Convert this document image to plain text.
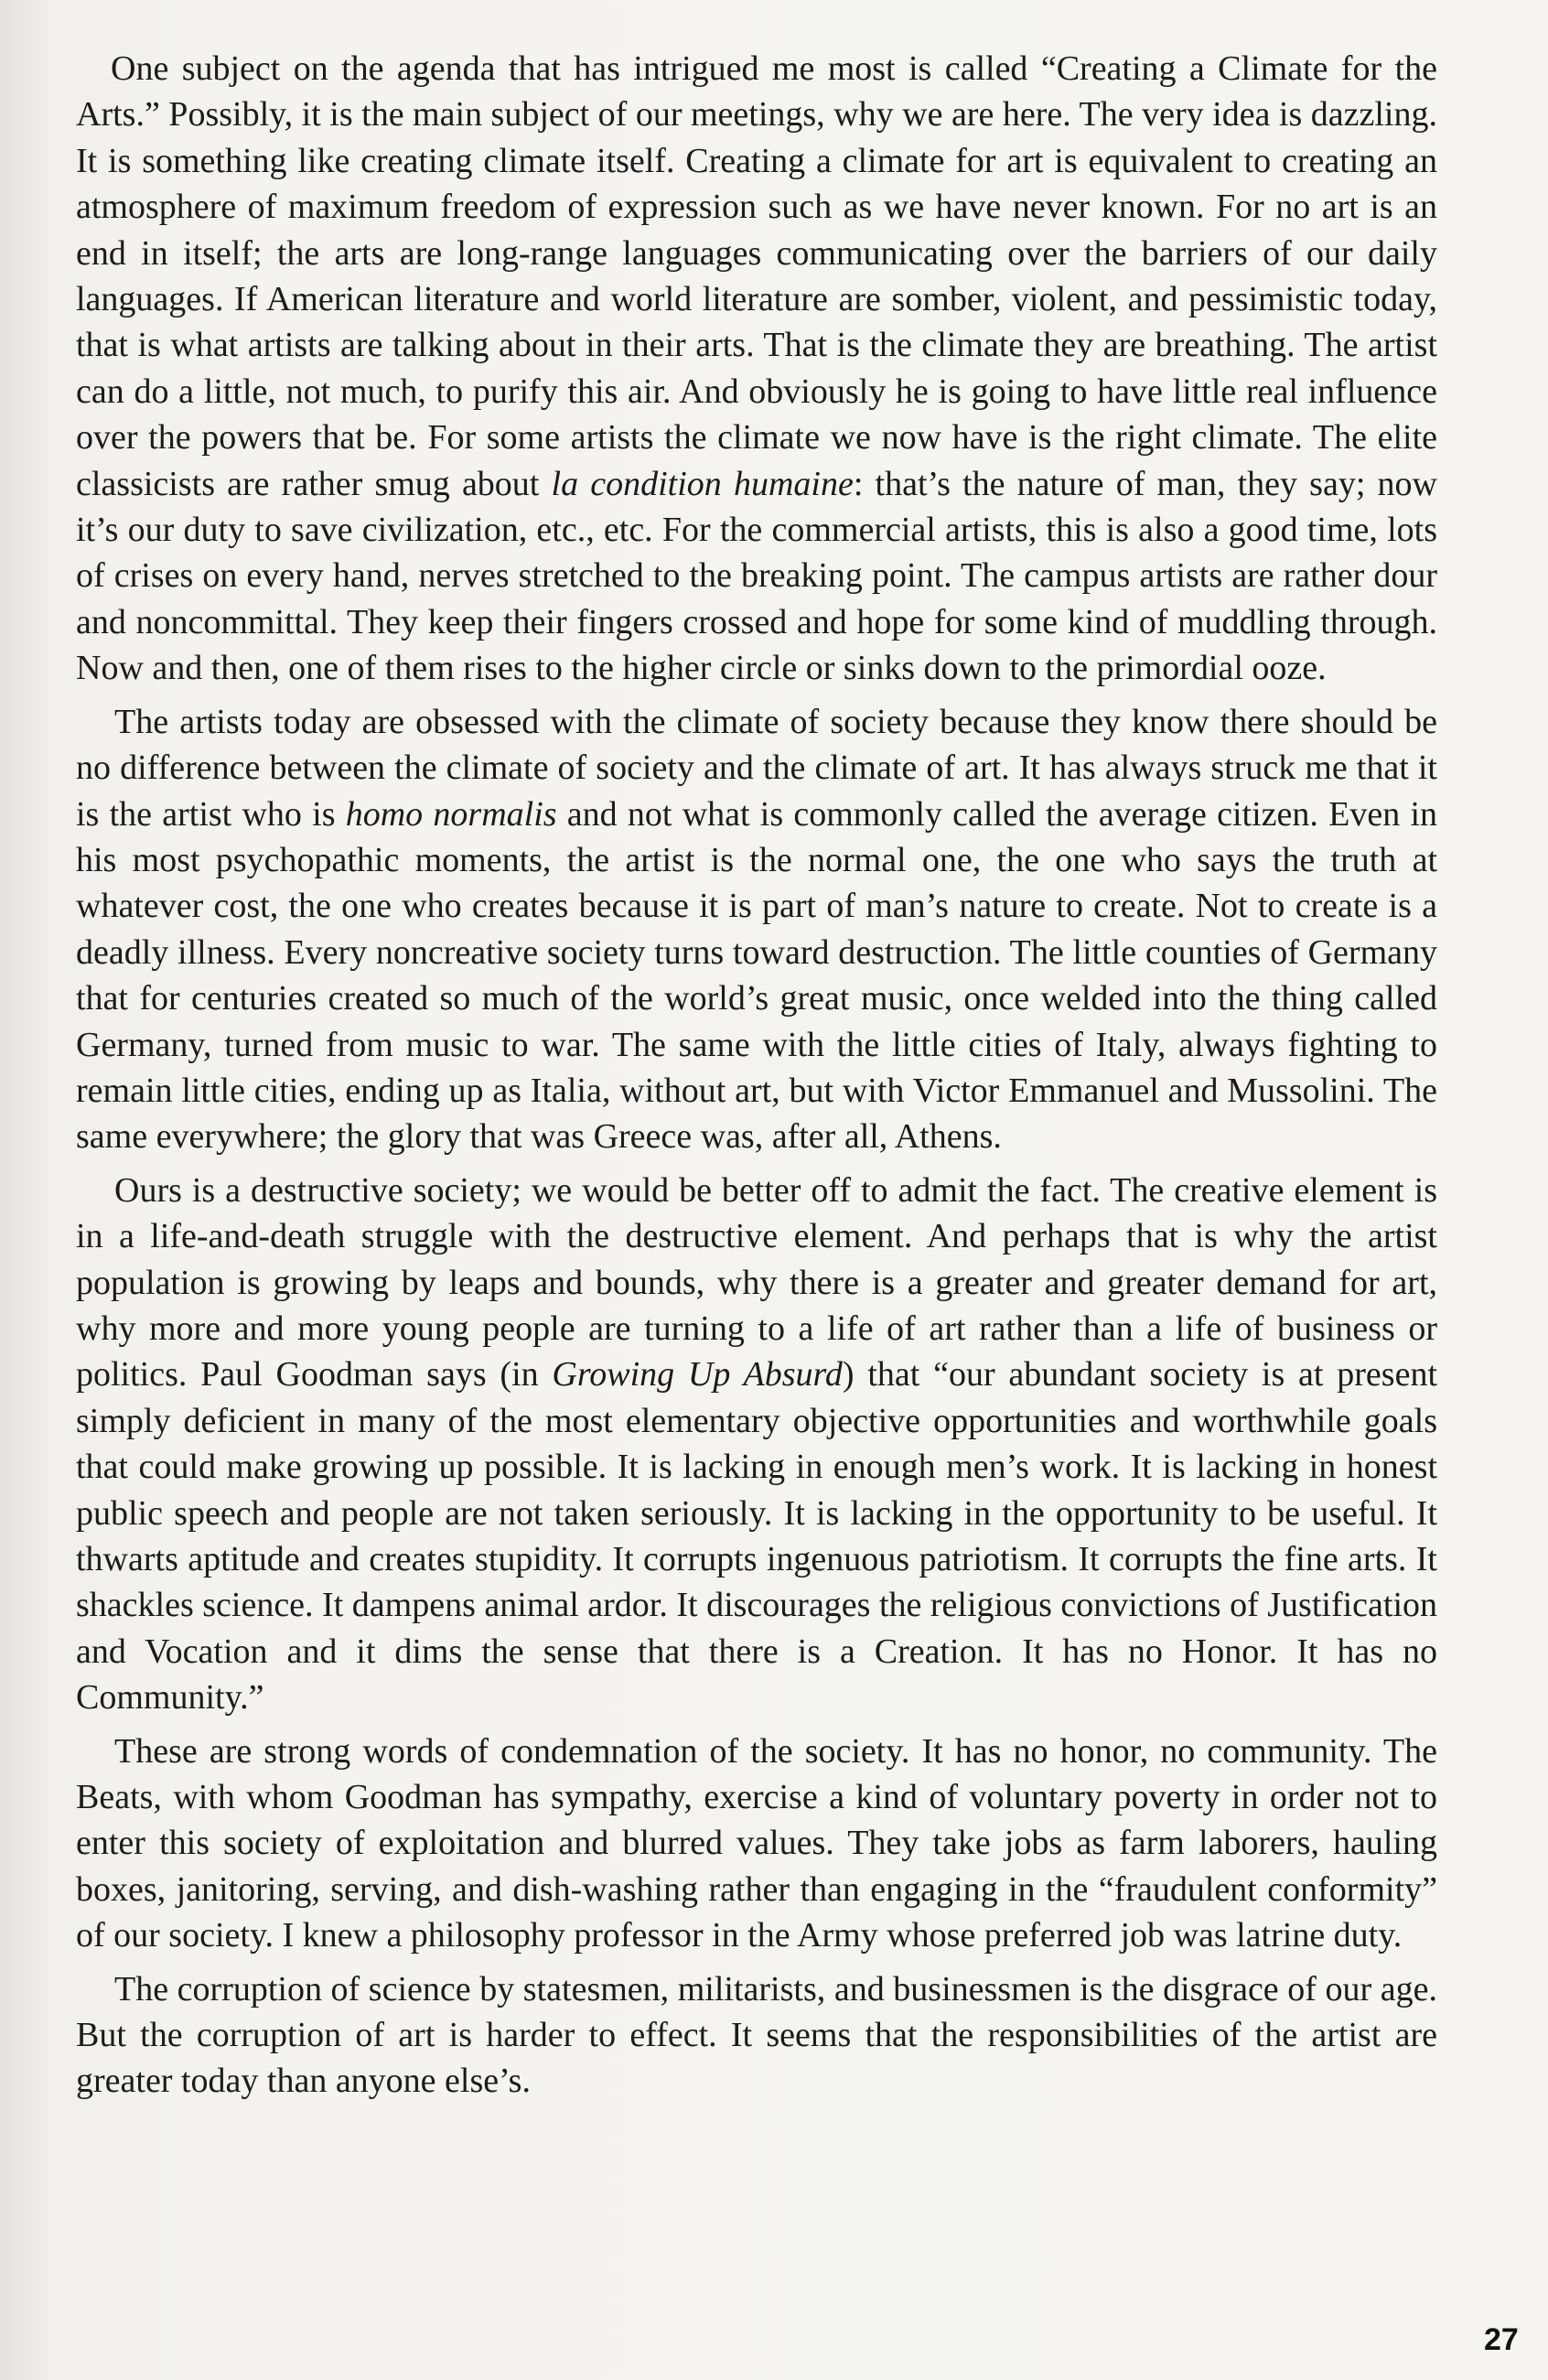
One subject on the agenda that has intrigued me most is called “Creating a Climate for the Arts.” Possibly, it is the main subject of our meetings, why we are here. The very idea is dazzling. It is something like creating climate itself. Creating a climate for art is equivalent to creating an atmosphere of maximum freedom of expression such as we have never known. For no art is an end in itself; the arts are long-range languages communicating over the barriers of our daily languages. If American literature and world literature are somber, violent, and pessimistic today, that is what artists are talking about in their arts. That is the climate they are breathing. The artist can do a little, not much, to purify this air. And obviously he is going to have little real influence over the powers that be. For some artists the climate we now have is the right climate. The elite classicists are rather smug about la condition humaine: that’s the nature of man, they say; now it’s our duty to save civilization, etc., etc. For the commercial artists, this is also a good time, lots of crises on every hand, nerves stretched to the breaking point. The campus artists are rather dour and noncommittal. They keep their fingers crossed and hope for some kind of muddling through. Now and then, one of them rises to the higher circle or sinks down to the primordial ooze.

The artists today are obsessed with the climate of society because they know there should be no difference between the climate of society and the climate of art. It has always struck me that it is the artist who is homo normalis and not what is commonly called the average citizen. Even in his most psychopathic moments, the artist is the normal one, the one who says the truth at whatever cost, the one who creates because it is part of man’s nature to create. Not to create is a deadly illness. Every noncreative society turns toward destruction. The little counties of Germany that for centuries created so much of the world’s great music, once welded into the thing called Germany, turned from music to war. The same with the little cities of Italy, always fighting to remain little cities, ending up as Italia, without art, but with Victor Emmanuel and Mussolini. The same everywhere; the glory that was Greece was, after all, Athens.

Ours is a destructive society; we would be better off to admit the fact. The creative element is in a life-and-death struggle with the destructive element. And perhaps that is why the artist population is growing by leaps and bounds, why there is a greater and greater demand for art, why more and more young people are turning to a life of art rather than a life of business or politics. Paul Goodman says (in Growing Up Absurd) that “our abundant society is at present simply deficient in many of the most elementary objective opportunities and worthwhile goals that could make growing up possible. It is lacking in enough men’s work. It is lacking in honest public speech and people are not taken seriously. It is lacking in the opportunity to be useful. It thwarts aptitude and creates stupidity. It corrupts ingenuous patriotism. It corrupts the fine arts. It shackles science. It dampens animal ardor. It discourages the religious convictions of Justification and Vocation and it dims the sense that there is a Creation. It has no Honor. It has no Community.”

These are strong words of condemnation of the society. It has no honor, no community. The Beats, with whom Goodman has sympathy, exercise a kind of voluntary poverty in order not to enter this society of exploitation and blurred values. They take jobs as farm laborers, hauling boxes, janitoring, serving, and dish-washing rather than engaging in the “fraudulent conformity” of our society. I knew a philosophy professor in the Army whose preferred job was latrine duty.

The corruption of science by statesmen, militarists, and businessmen is the disgrace of our age. But the corruption of art is harder to effect. It seems that the responsibilities of the artist are greater today than anyone else’s.

27
